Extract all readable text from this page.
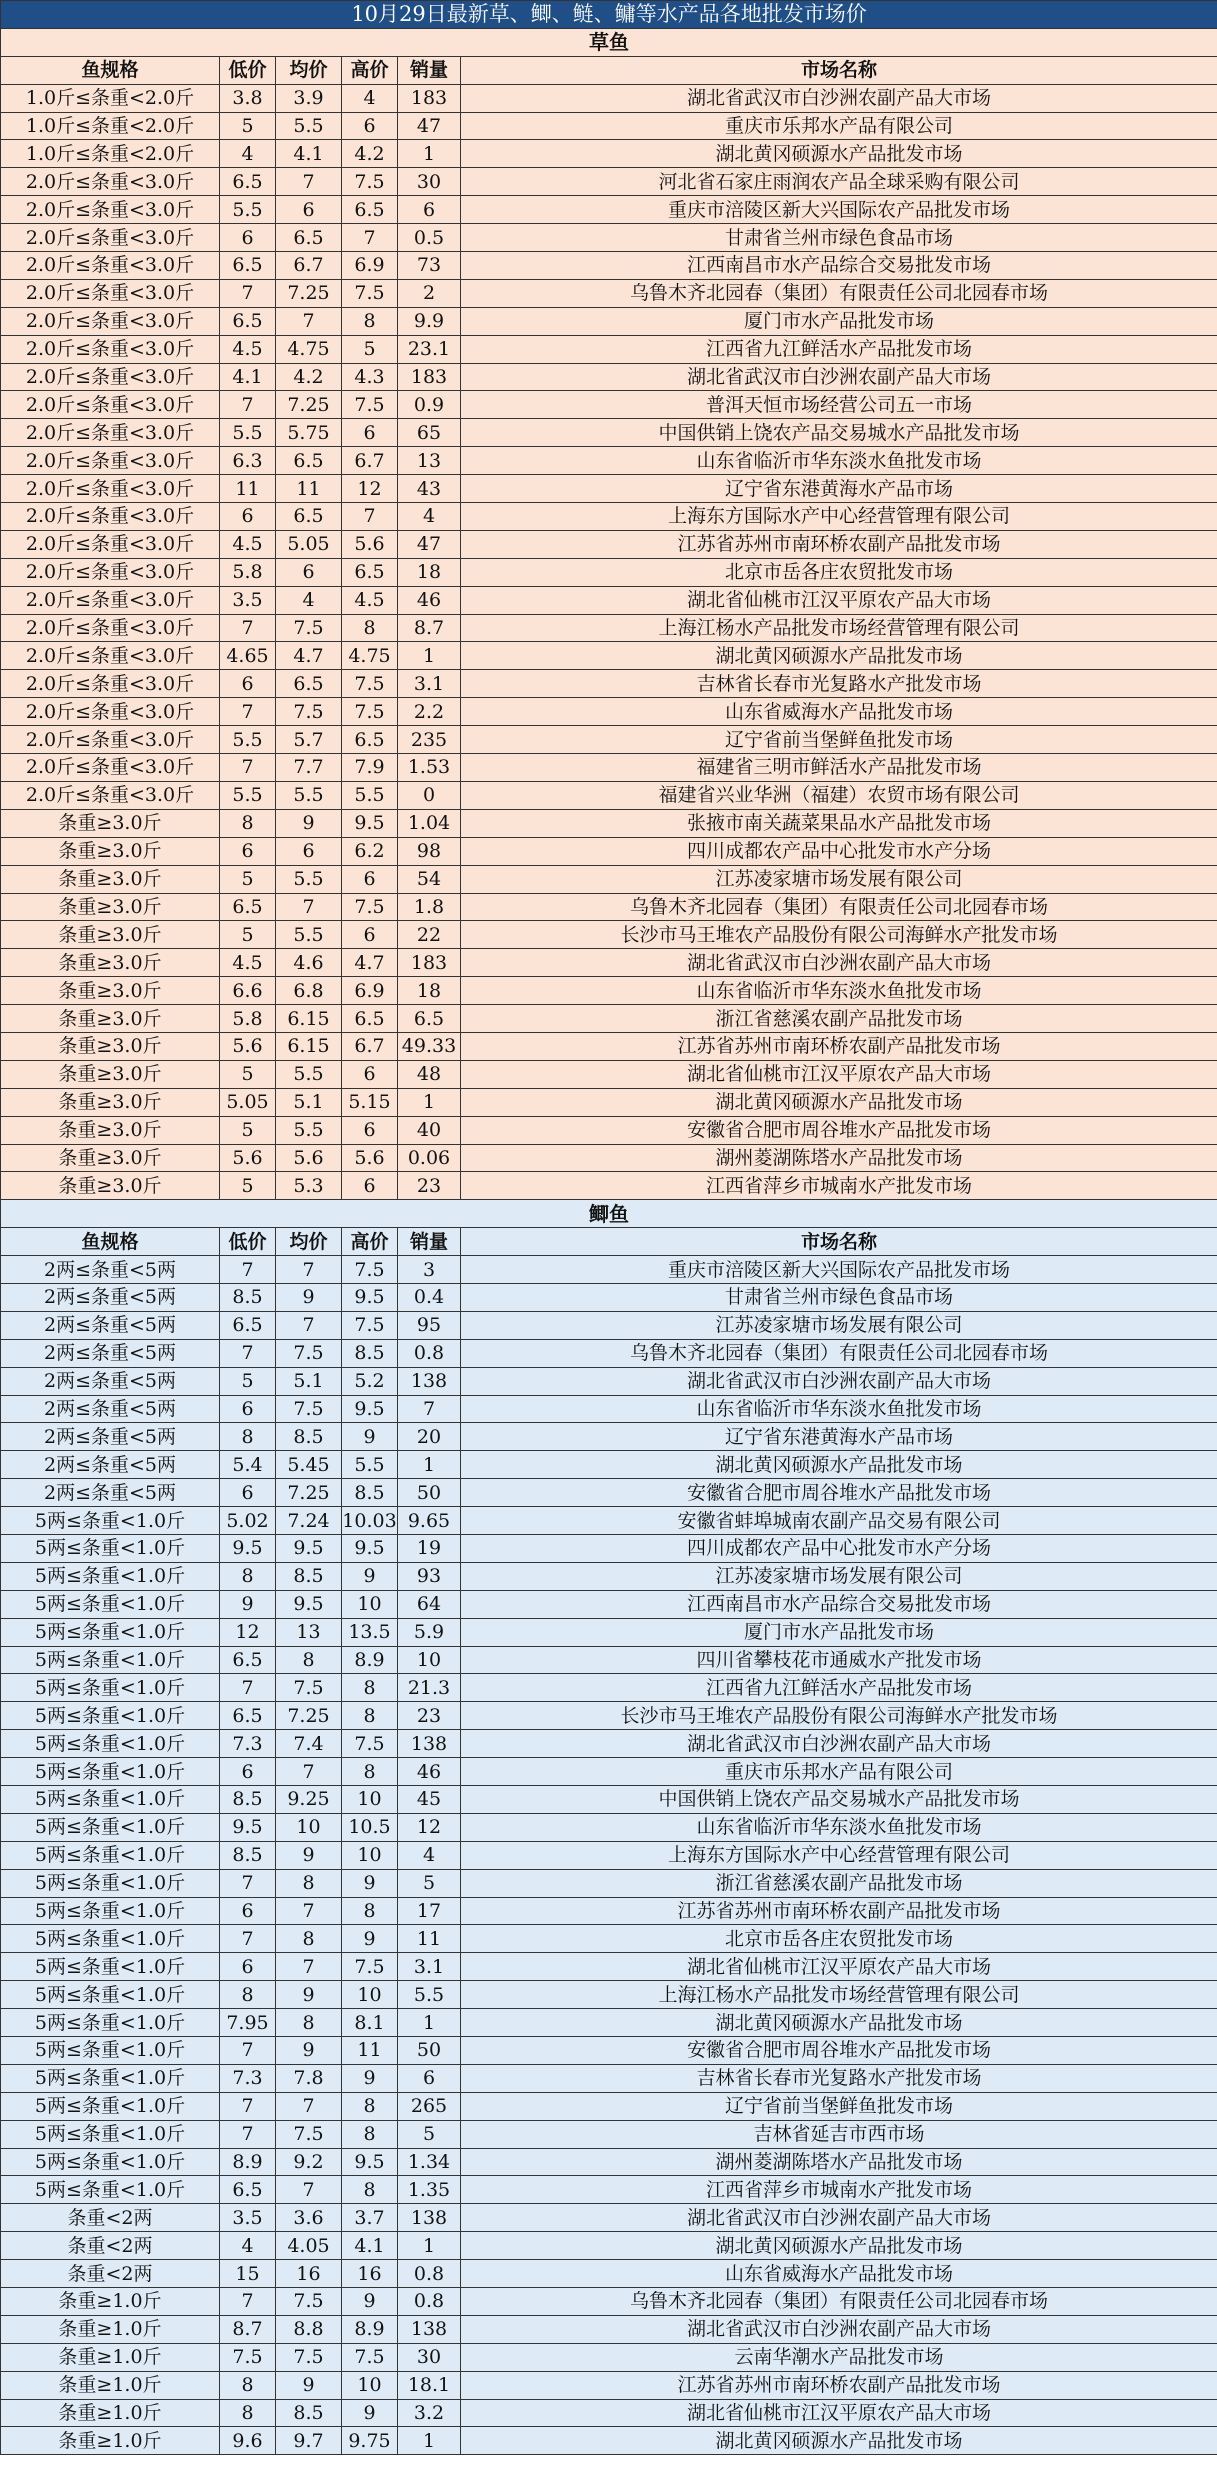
10月29日最新草、鲫、鲢、鳙等水产品各地批发市场价					
草鱼					
鱼规格	低价	均价	高价	销量	市场名称
1.0斤≤条重<2.0斤	3.8	3.9	4	183	湖北省武汉市白沙洲农副产品大市场
1.0斤≤条重<2.0斤	5	5.5	6	47	重庆市乐邦水产品有限公司
1.0斤≤条重<2.0斤	4	4.1	4.2	1	湖北黄冈硕源水产品批发市场
2.0斤≤条重<3.0斤	6.5	7	7.5	30	河北省石家庄雨润农产品全球采购有限公司
2.0斤≤条重<3.0斤	5.5	6	6.5	6	重庆市涪陵区新大兴国际农产品批发市场
2.0斤≤条重<3.0斤	6	6.5	7	0.5	甘肃省兰州市绿色食品市场
2.0斤≤条重<3.0斤	6.5	6.7	6.9	73	江西南昌市水产品综合交易批发市场
2.0斤≤条重<3.0斤	7	7.25	7.5	2	乌鲁木齐北园春（集团）有限责任公司北园春市场
2.0斤≤条重<3.0斤	6.5	7	8	9.9	厦门市水产品批发市场
2.0斤≤条重<3.0斤	4.5	4.75	5	23.1	江西省九江鲜活水产品批发市场
2.0斤≤条重<3.0斤	4.1	4.2	4.3	183	湖北省武汉市白沙洲农副产品大市场
2.0斤≤条重<3.0斤	7	7.25	7.5	0.9	普洱天恒市场经营公司五一市场
2.0斤≤条重<3.0斤	5.5	5.75	6	65	中国供销上饶农产品交易城水产品批发市场
2.0斤≤条重<3.0斤	6.3	6.5	6.7	13	山东省临沂市华东淡水鱼批发市场
2.0斤≤条重<3.0斤	11	11	12	43	辽宁省东港黄海水产品市场
2.0斤≤条重<3.0斤	6	6.5	7	4	上海东方国际水产中心经营管理有限公司
2.0斤≤条重<3.0斤	4.5	5.05	5.6	47	江苏省苏州市南环桥农副产品批发市场
2.0斤≤条重<3.0斤	5.8	6	6.5	18	北京市岳各庄农贸批发市场
2.0斤≤条重<3.0斤	3.5	4	4.5	46	湖北省仙桃市江汉平原农产品大市场
2.0斤≤条重<3.0斤	7	7.5	8	8.7	上海江杨水产品批发市场经营管理有限公司
2.0斤≤条重<3.0斤	4.65	4.7	4.75	1	湖北黄冈硕源水产品批发市场
2.0斤≤条重<3.0斤	6	6.5	7.5	3.1	吉林省长春市光复路水产批发市场
2.0斤≤条重<3.0斤	7	7.5	7.5	2.2	山东省威海水产品批发市场
2.0斤≤条重<3.0斤	5.5	5.7	6.5	235	辽宁省前当堡鲜鱼批发市场
2.0斤≤条重<3.0斤	7	7.7	7.9	1.53	福建省三明市鲜活水产品批发市场
2.0斤≤条重<3.0斤	5.5	5.5	5.5	0	福建省兴业华洲（福建）农贸市场有限公司
条重≥3.0斤	8	9	9.5	1.04	张掖市南关蔬菜果品水产品批发市场
条重≥3.0斤	6	6	6.2	98	四川成都农产品中心批发市水产分场
条重≥3.0斤	5	5.5	6	54	江苏凌家塘市场发展有限公司
条重≥3.0斤	6.5	7	7.5	1.8	乌鲁木齐北园春（集团）有限责任公司北园春市场
条重≥3.0斤	5	5.5	6	22	长沙市马王堆农产品股份有限公司海鲜水产批发市场
条重≥3.0斤	4.5	4.6	4.7	183	湖北省武汉市白沙洲农副产品大市场
条重≥3.0斤	6.6	6.8	6.9	18	山东省临沂市华东淡水鱼批发市场
条重≥3.0斤	5.8	6.15	6.5	6.5	浙江省慈溪农副产品批发市场
条重≥3.0斤	5.6	6.15	6.7	49.33	江苏省苏州市南环桥农副产品批发市场
条重≥3.0斤	5	5.5	6	48	湖北省仙桃市江汉平原农产品大市场
条重≥3.0斤	5.05	5.1	5.15	1	湖北黄冈硕源水产品批发市场
条重≥3.0斤	5	5.5	6	40	安徽省合肥市周谷堆水产品批发市场
条重≥3.0斤	5.6	5.6	5.6	0.06	湖州菱湖陈塔水产品批发市场
条重≥3.0斤	5	5.3	6	23	江西省萍乡市城南水产批发市场
鲫鱼					
鱼规格	低价	均价	高价	销量	市场名称
2两≤条重<5两	7	7	7.5	3	重庆市涪陵区新大兴国际农产品批发市场
2两≤条重<5两	8.5	9	9.5	0.4	甘肃省兰州市绿色食品市场
2两≤条重<5两	6.5	7	7.5	95	江苏凌家塘市场发展有限公司
2两≤条重<5两	7	7.5	8.5	0.8	乌鲁木齐北园春（集团）有限责任公司北园春市场
2两≤条重<5两	5	5.1	5.2	138	湖北省武汉市白沙洲农副产品大市场
2两≤条重<5两	6	7.5	9.5	7	山东省临沂市华东淡水鱼批发市场
2两≤条重<5两	8	8.5	9	20	辽宁省东港黄海水产品市场
2两≤条重<5两	5.4	5.45	5.5	1	湖北黄冈硕源水产品批发市场
2两≤条重<5两	6	7.25	8.5	50	安徽省合肥市周谷堆水产品批发市场
5两≤条重<1.0斤	5.02	7.24	10.03	9.65	安徽省蚌埠城南农副产品交易有限公司
5两≤条重<1.0斤	9.5	9.5	9.5	19	四川成都农产品中心批发市水产分场
5两≤条重<1.0斤	8	8.5	9	93	江苏凌家塘市场发展有限公司
5两≤条重<1.0斤	9	9.5	10	64	江西南昌市水产品综合交易批发市场
5两≤条重<1.0斤	12	13	13.5	5.9	厦门市水产品批发市场
5两≤条重<1.0斤	6.5	8	8.9	10	四川省攀枝花市通威水产批发市场
5两≤条重<1.0斤	7	7.5	8	21.3	江西省九江鲜活水产品批发市场
5两≤条重<1.0斤	6.5	7.25	8	23	长沙市马王堆农产品股份有限公司海鲜水产批发市场
5两≤条重<1.0斤	7.3	7.4	7.5	138	湖北省武汉市白沙洲农副产品大市场
5两≤条重<1.0斤	6	7	8	46	重庆市乐邦水产品有限公司
5两≤条重<1.0斤	8.5	9.25	10	45	中国供销上饶农产品交易城水产品批发市场
5两≤条重<1.0斤	9.5	10	10.5	12	山东省临沂市华东淡水鱼批发市场
5两≤条重<1.0斤	8.5	9	10	4	上海东方国际水产中心经营管理有限公司
5两≤条重<1.0斤	7	8	9	5	浙江省慈溪农副产品批发市场
5两≤条重<1.0斤	6	7	8	17	江苏省苏州市南环桥农副产品批发市场
5两≤条重<1.0斤	7	8	9	11	北京市岳各庄农贸批发市场
5两≤条重<1.0斤	6	7	7.5	3.1	湖北省仙桃市江汉平原农产品大市场
5两≤条重<1.0斤	8	9	10	5.5	上海江杨水产品批发市场经营管理有限公司
5两≤条重<1.0斤	7.95	8	8.1	1	湖北黄冈硕源水产品批发市场
5两≤条重<1.0斤	7	9	11	50	安徽省合肥市周谷堆水产品批发市场
5两≤条重<1.0斤	7.3	7.8	9	6	吉林省长春市光复路水产批发市场
5两≤条重<1.0斤	7	7	8	265	辽宁省前当堡鲜鱼批发市场
5两≤条重<1.0斤	7	7.5	8	5	吉林省延吉市西市场
5两≤条重<1.0斤	8.9	9.2	9.5	1.34	湖州菱湖陈塔水产品批发市场
5两≤条重<1.0斤	6.5	7	8	1.35	江西省萍乡市城南水产批发市场
条重<2两	3.5	3.6	3.7	138	湖北省武汉市白沙洲农副产品大市场
条重<2两	4	4.05	4.1	1	湖北黄冈硕源水产品批发市场
条重<2两	15	16	16	0.8	山东省威海水产品批发市场
条重≥1.0斤	7	7.5	9	0.8	乌鲁木齐北园春（集团）有限责任公司北园春市场
条重≥1.0斤	8.7	8.8	8.9	138	湖北省武汉市白沙洲农副产品大市场
条重≥1.0斤	7.5	7.5	7.5	30	云南华潮水产品批发市场
条重≥1.0斤	8	9	10	18.1	江苏省苏州市南环桥农副产品批发市场
条重≥1.0斤	8	8.5	9	3.2	湖北省仙桃市江汉平原农产品大市场
条重≥1.0斤	9.6	9.7	9.75	1	湖北黄冈硕源水产品批发市场
